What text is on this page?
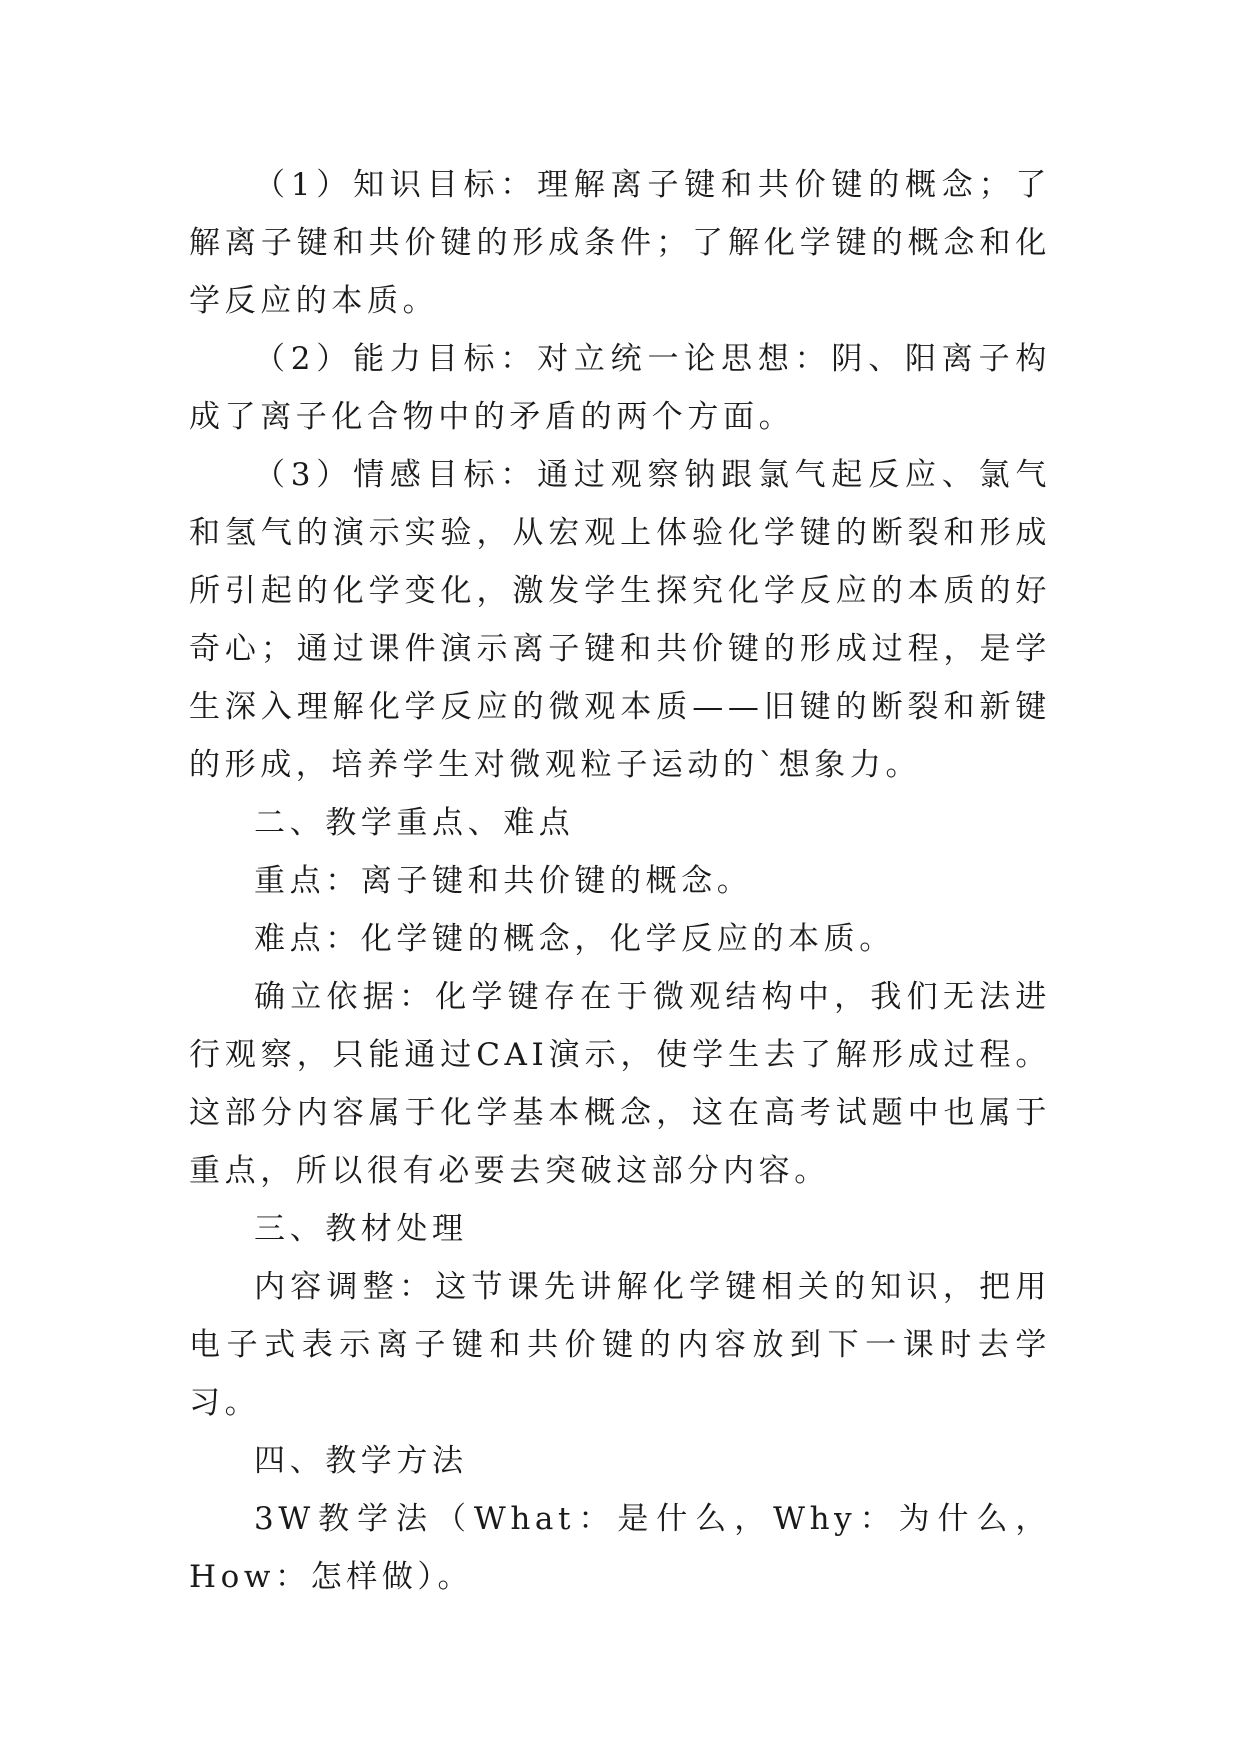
（1）知识目标：理解离子键和共价键的概念；了解离子键和共价键的形成条件；了解化学键的概念和化学反应的本质。

（2）能力目标：对立统一论思想：阴、阳离子构成了离子化合物中的矛盾的两个方面。

（3）情感目标：通过观察钠跟氯气起反应、氯气和氢气的演示实验，从宏观上体验化学键的断裂和形成所引起的化学变化，激发学生探究化学反应的本质的好奇心；通过课件演示离子键和共价键的形成过程，是学生深入理解化学反应的微观本质——旧键的断裂和新键的形成，培养学生对微观粒子运动的`想象力。

二、教学重点、难点

重点：离子键和共价键的概念。

难点：化学键的概念，化学反应的本质。

确立依据：化学键存在于微观结构中，我们无法进行观察，只能通过CAI演示，使学生去了解形成过程。这部分内容属于化学基本概念，这在高考试题中也属于重点，所以很有必要去突破这部分内容。

三、教材处理

内容调整：这节课先讲解化学键相关的知识，把用电子式表示离子键和共价键的内容放到下一课时去学习。

四、教学方法

3W教学法（What：是什么，Why：为什么，How：怎样做）。
